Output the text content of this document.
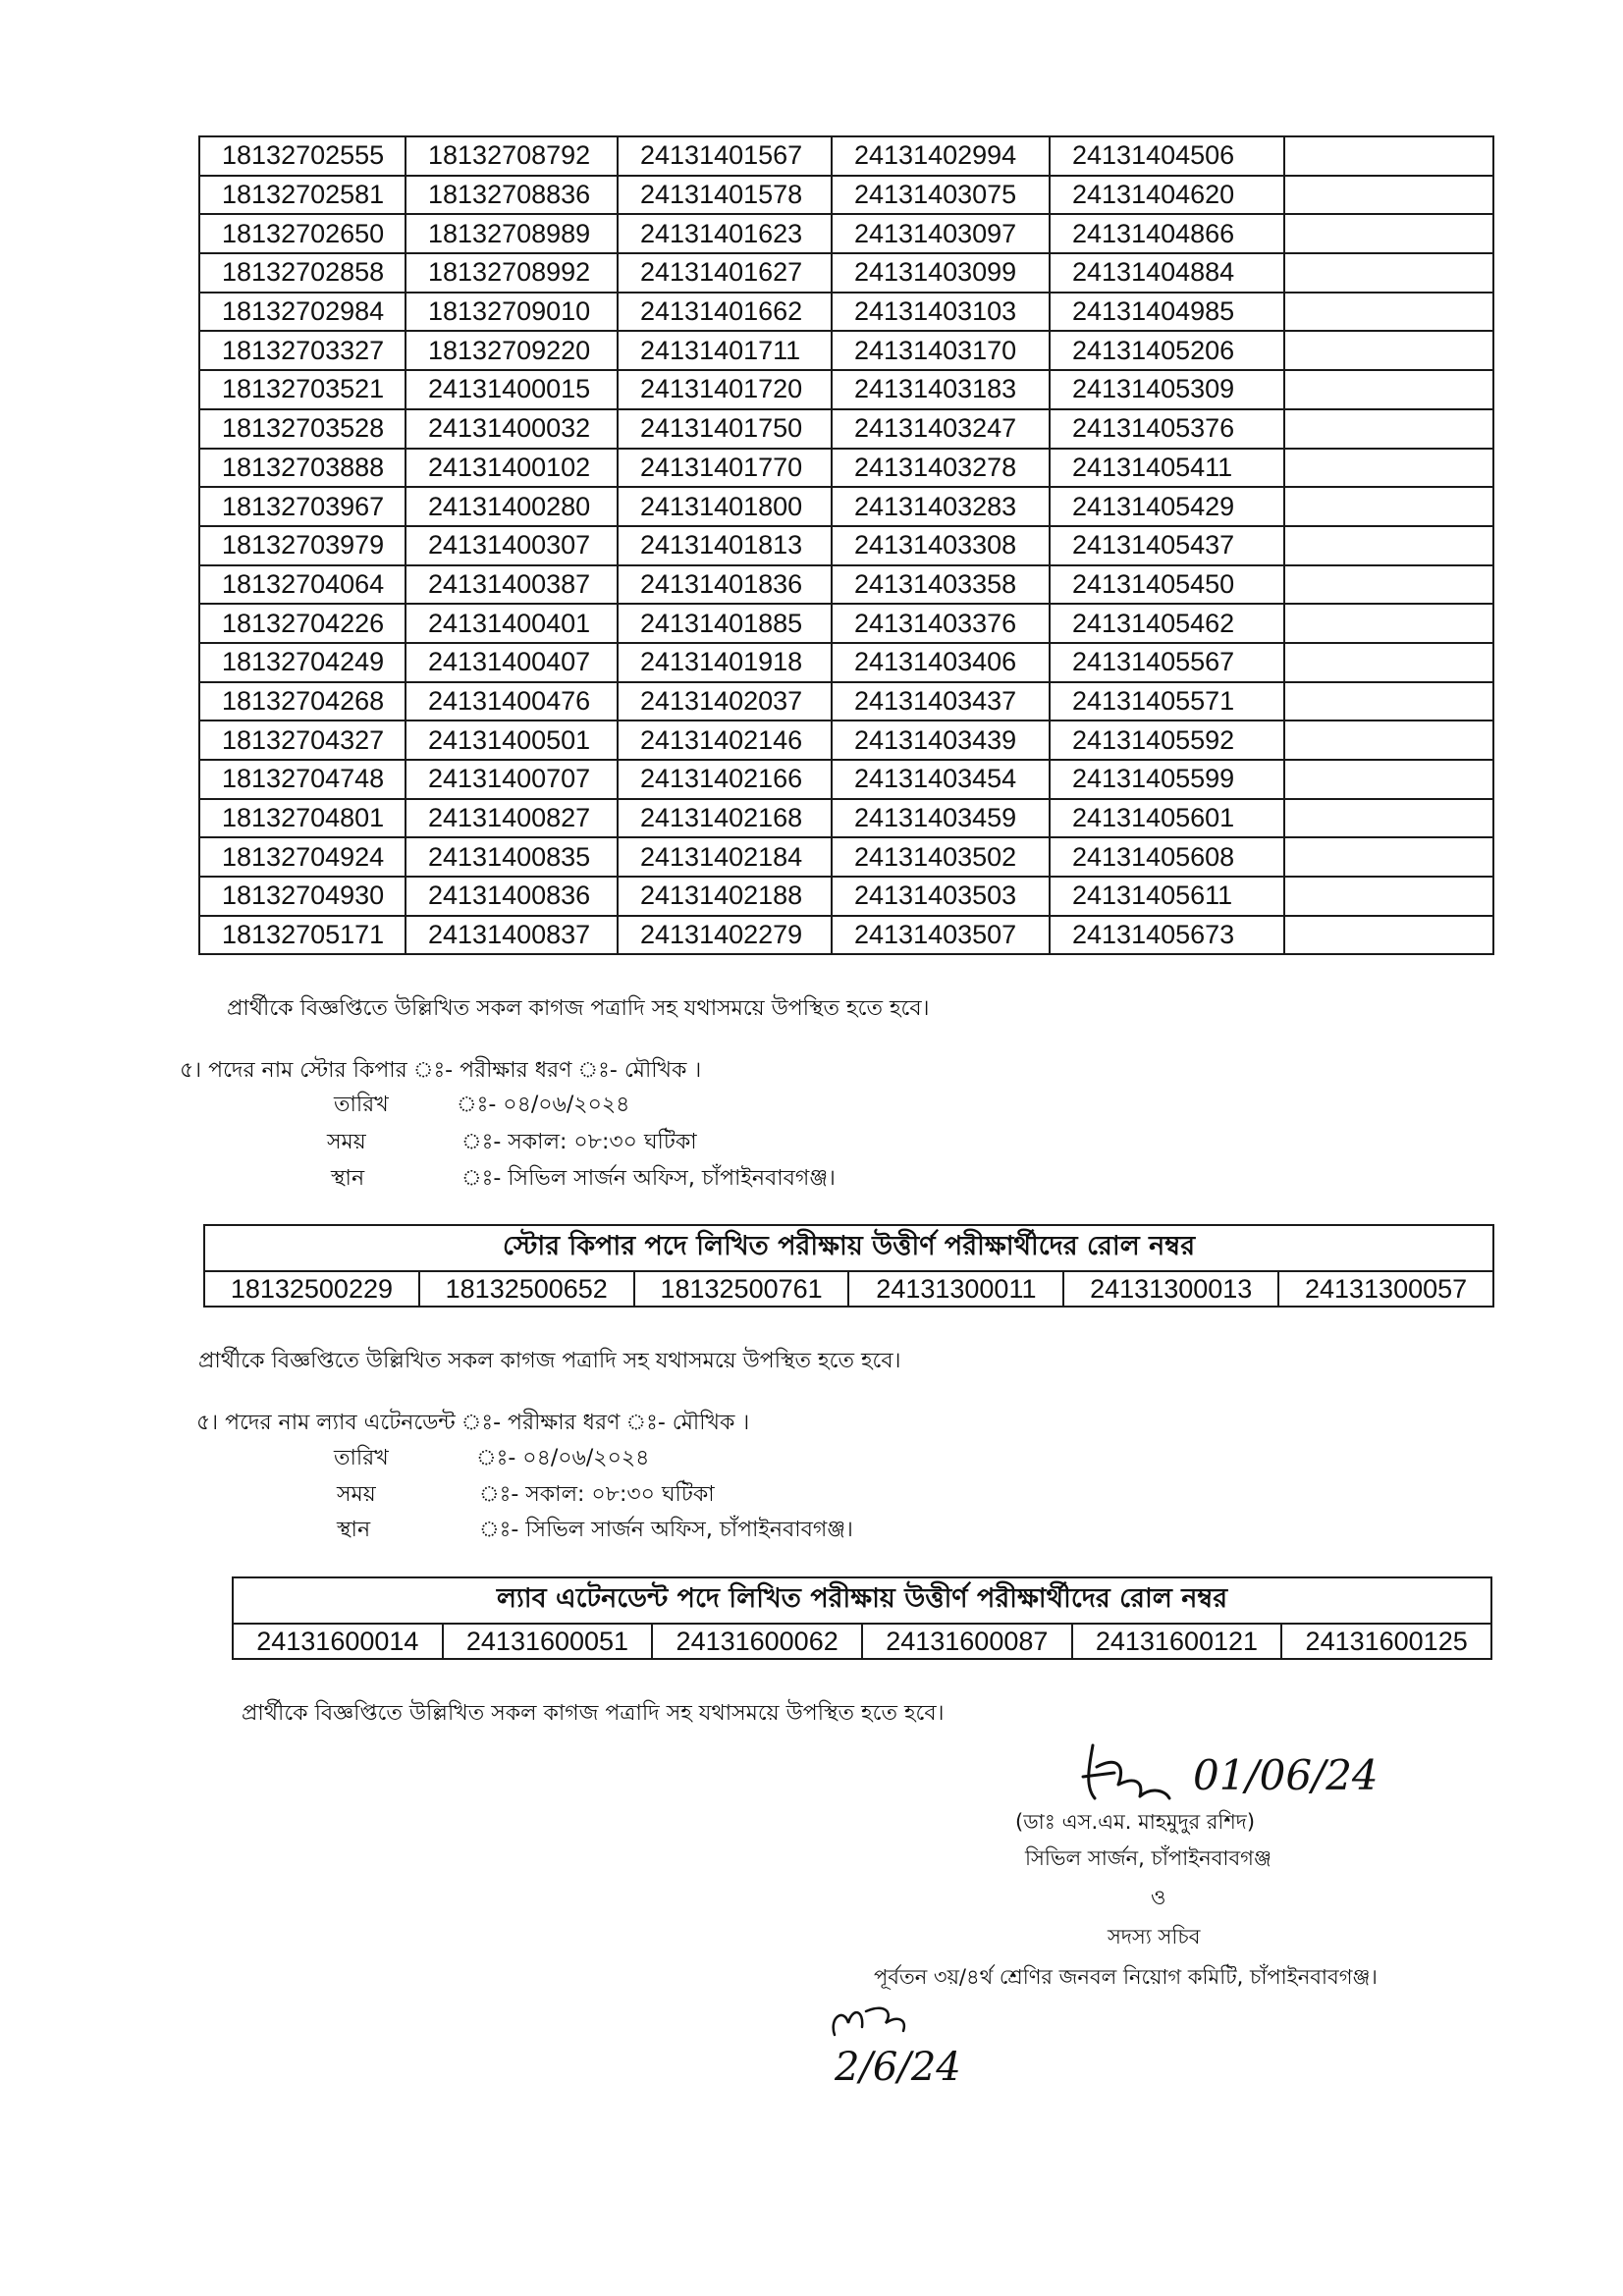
18132702555	18132708792	24131401567	24131402994	24131404506	
18132702581	18132708836	24131401578	24131403075	24131404620	
18132702650	18132708989	24131401623	24131403097	24131404866	
18132702858	18132708992	24131401627	24131403099	24131404884	
18132702984	18132709010	24131401662	24131403103	24131404985	
18132703327	18132709220	24131401711	24131403170	24131405206	
18132703521	24131400015	24131401720	24131403183	24131405309	
18132703528	24131400032	24131401750	24131403247	24131405376	
18132703888	24131400102	24131401770	24131403278	24131405411	
18132703967	24131400280	24131401800	24131403283	24131405429	
18132703979	24131400307	24131401813	24131403308	24131405437	
18132704064	24131400387	24131401836	24131403358	24131405450	
18132704226	24131400401	24131401885	24131403376	24131405462	
18132704249	24131400407	24131401918	24131403406	24131405567	
18132704268	24131400476	24131402037	24131403437	24131405571	
18132704327	24131400501	24131402146	24131403439	24131405592	
18132704748	24131400707	24131402166	24131403454	24131405599	
18132704801	24131400827	24131402168	24131403459	24131405601	
18132704924	24131400835	24131402184	24131403502	24131405608	
18132704930	24131400836	24131402188	24131403503	24131405611	
18132705171	24131400837	24131402279	24131403507	24131405673	
প্রার্থীকে বিজ্ঞপ্তিতে উল্লিখিত সকল কাগজ পত্রাদি সহ যথাসময়ে উপস্থিত হতে হবে।
৫। পদের নাম স্টোর কিপার ঃ- পরীক্ষার ধরণ ঃ- মৌখিক ।
তারিখ	ঃ- ০৪/০৬/২০২৪
সময়	ঃ- সকাল: ০৮:৩০ ঘটিকা
স্থান	ঃ- সিভিল সার্জন অফিস, চাঁপাইনবাবগঞ্জ।
স্টোর কিপার পদে লিখিত পরীক্ষায় উত্তীর্ণ পরীক্ষার্থীদের রোল নম্বর
18132500229	18132500652	18132500761	24131300011	24131300013	24131300057
প্রার্থীকে বিজ্ঞপ্তিতে উল্লিখিত সকল কাগজ পত্রাদি সহ যথাসময়ে উপস্থিত হতে হবে।
৫। পদের নাম ল্যাব এটেনডেন্ট ঃ- পরীক্ষার ধরণ ঃ- মৌখিক ।
তারিখ	ঃ- ০৪/০৬/২০২৪
সময়	ঃ- সকাল: ০৮:৩০ ঘটিকা
স্থান	ঃ- সিভিল সার্জন অফিস, চাঁপাইনবাবগঞ্জ।
ল্যাব এটেনডেন্ট পদে লিখিত পরীক্ষায় উত্তীর্ণ পরীক্ষার্থীদের রোল নম্বর
24131600014	24131600051	24131600062	24131600087	24131600121	24131600125
প্রার্থীকে বিজ্ঞপ্তিতে উল্লিখিত সকল কাগজ পত্রাদি সহ যথাসময়ে উপস্থিত হতে হবে।
01/06/24
(ডাঃ এস.এম. মাহমুদুর রশিদ)
সিভিল সার্জন, চাঁপাইনবাবগঞ্জ
ও
সদস্য সচিব
পূর্বতন ৩য়/৪র্থ শ্রেণির জনবল নিয়োগ কমিটি, চাঁপাইনবাবগঞ্জ।
2/6/24
